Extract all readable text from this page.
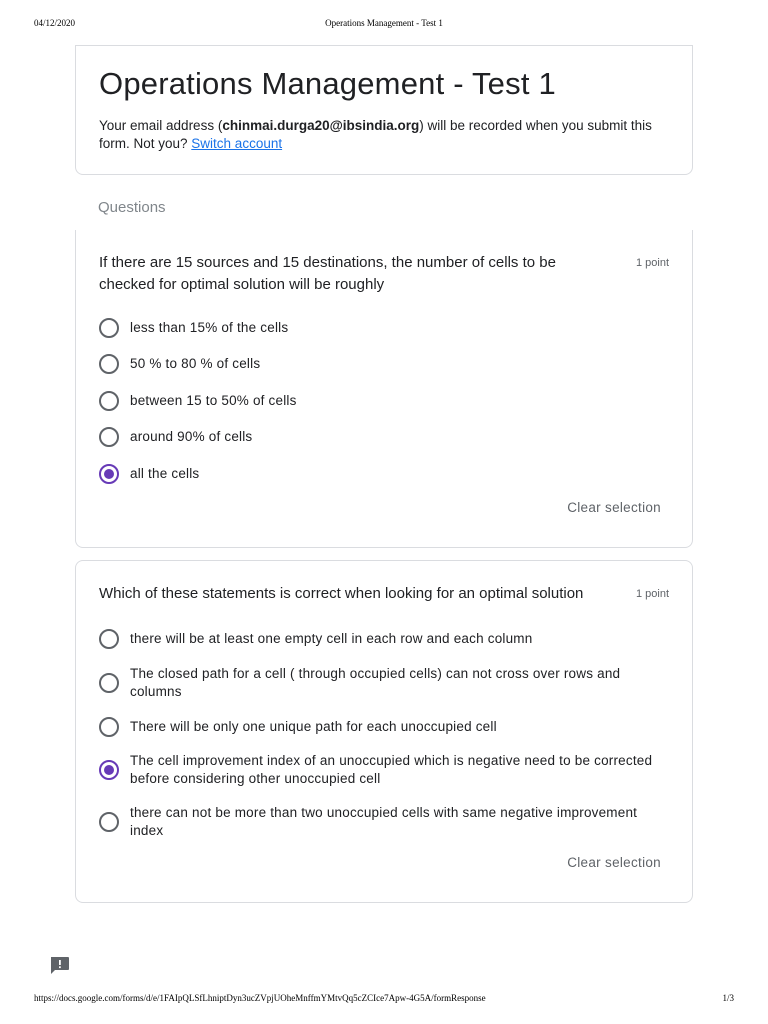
04/12/2020	Operations Management - Test 1
Operations Management - Test 1
Your email address (chinmai.durga20@ibsindia.org) will be recorded when you submit this form. Not you? Switch account
Questions
If there are 15 sources and 15 destinations, the number of cells to be checked for optimal solution will be roughly
1 point
less than 15% of the cells
50 % to 80 % of cells
between 15 to 50% of cells
around 90% of cells
all the cells
Clear selection
Which of these statements is correct when looking for an optimal solution	1 point
there will be at least one empty cell in each row and each column
The closed path for a cell ( through occupied cells) can not cross over rows and columns
There will be only one unique path for each unoccupied cell
The cell improvement index of an unoccupied which is negative need to be corrected before considering other unoccupied cell
there can not be more than two unoccupied cells with same negative improvement index
Clear selection
https://docs.google.com/forms/d/e/1FAIpQLSfLhniptDyn3ucZVpjUOheMnffmYMtvQq5cZCIce7Apw-4G5A/formResponse	1/3
